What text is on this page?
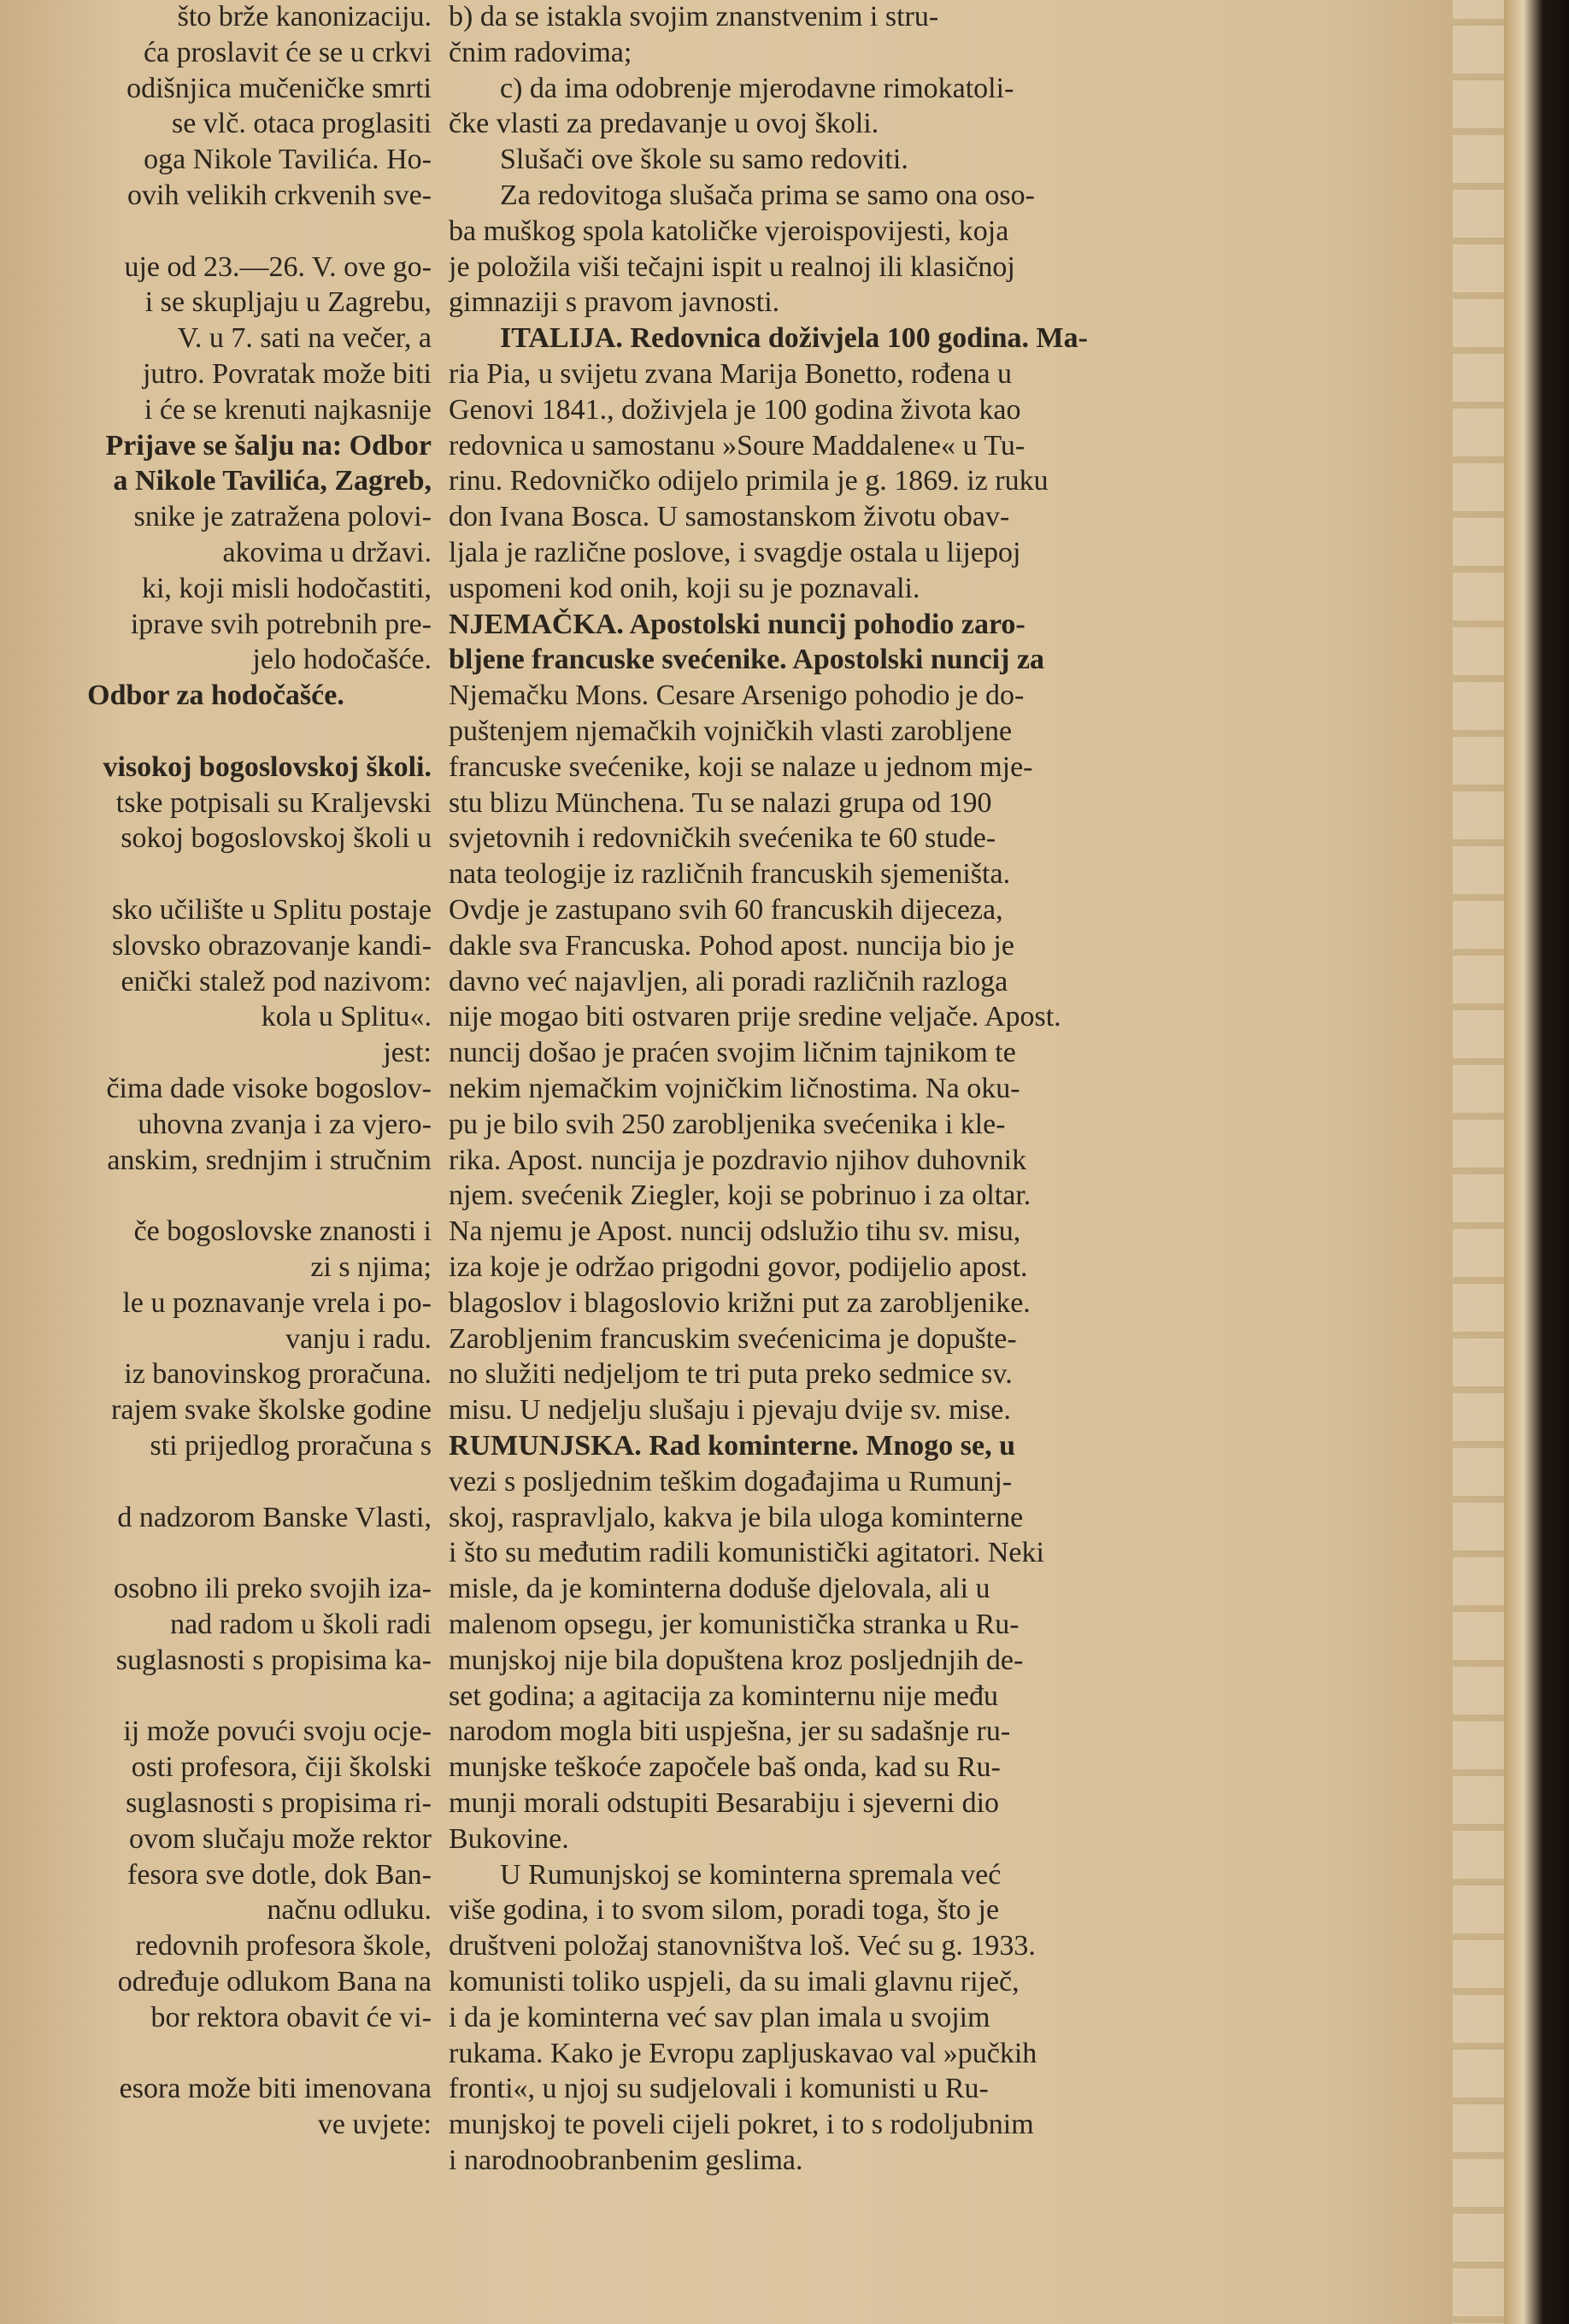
što brže kanonizaciju.
ća proslavit će se u crkvi
odišnjica mučeničke smrti
se vlč. otaca proglasiti
oga Nikole Tavilića. Ho-
ovih velikih crkvenih sve-
uje od 23.—26. V. ove go-
i se skupljaju u Zagrebu,
V. u 7. sati na večer, a
jutro. Povratak može biti
i će se krenuti najkasnije
Prijave se šalju na: Odbor
a Nikole Tavilića, Zagreb,
snike je zatražena polovi-
akovima u državi.
ki, koji misli hodočastiti,
iprave svih potrebnih pre-
jelo hodočašće.
Odbor za hodočašće.
visokoj bogoslovskoj školi.
tske potpisali su Kraljevski
sokoj bogoslovskoj školi u
sko učilište u Splitu postaje
slovsko obrazovanje kandi-
enički stalež pod nazivom:
kola u Splitu«.
jest:
čima dade visoke bogoslov-
uhovna zvanja i za vjero-
anskim, srednjim i stručnim
če bogoslovske znanosti i
zi s njima;
le u poznavanje vrela i po-
vanju i radu.
iz banovinskog proračuna.
rajem svake školske godine
sti prijedlog proračuna s
d nadzorom Banske Vlasti,
osobno ili preko svojih iza-
nad radom u školi radi
suglasnosti s propisima ka-
ij može povući svoju ocje-
osti profesora, čiji školski
suglasnosti s propisima ri-
ovom slučaju može rektor
fesora sve dotle, dok Ban-
načnu odluku.
redovnih profesora škole,
određuje odlukom Bana na
bor rektora obavit će vi-
esora može biti imenovana
ve uvjete:
b) da se istakla svojim znanstvenim i stru-
čnim radovima;
c) da ima odobrenje mjerodavne rimokatoli-
čke vlasti za predavanje u ovoj školi.
Slušači ove škole su samo redoviti.
Za redovitoga slušača prima se samo ona oso-
ba muškog spola katoličke vjeroispovijesti, koja
je položila viši tečajni ispit u realnoj ili klasičnoj
gimnaziji s pravom javnosti.
ITALIJA. Redovnica doživjela 100 godina. Ma-
ria Pia, u svijetu zvana Marija Bonetto, rođena u
Genovi 1841., doživjela je 100 godina života kao
redovnica u samostanu »Soure Maddalene« u Tu-
rinu. Redovničko odijelo primila je g. 1869. iz ruku
don Ivana Bosca. U samostanskom životu obav-
ljala je različne poslove, i svagdje ostala u lijepoj
uspomeni kod onih, koji su je poznavali.
NJEMAČKA. Apostolski nuncij pohodio zaro-
bljene francuske svećenike. Apostolski nuncij za
Njemačku Mons. Cesare Arsenigo pohodio je do-
puštenjem njemačkih vojničkih vlasti zarobljene
francuske svećenike, koji se nalaze u jednom mje-
stu blizu Münchena. Tu se nalazi grupa od 190
svjetovnih i redovničkih svećenika te 60 stude-
nata teologije iz različnih francuskih sjemeništa.
Ovdje je zastupano svih 60 francuskih dijeceza,
dakle sva Francuska. Pohod apost. nuncija bio je
davno već najavljen, ali poradi različnih razloga
nije mogao biti ostvaren prije sredine veljače. Apost.
nuncij došao je praćen svojim ličnim tajnikom te
nekim njemačkim vojničkim ličnostima. Na oku-
pu je bilo svih 250 zarobljenika svećenika i kle-
rika. Apost. nuncija je pozdravio njihov duhovnik
njem. svećenik Ziegler, koji se pobrinuo i za oltar.
Na njemu je Apost. nuncij odslužio tihu sv. misu,
iza koje je održao prigodni govor, podijelio apost.
blagoslov i blagoslovio križni put za zarobljenike.
Zarobljenim francuskim svećenicima je dopušte-
no služiti nedjeljom te tri puta preko sedmice sv.
misu. U nedjelju slušaju i pjevaju dvije sv. mise.
RUMUNJSKA. Rad kominterne. Mnogo se, u
vezi s posljednim teškim događajima u Rumunj-
skoj, raspravljalo, kakva je bila uloga kominterne
i što su međutim radili komunistički agitatori. Neki
misle, da je kominterna doduše djelovala, ali u
malenom opsegu, jer komunistička stranka u Ru-
munjskoj nije bila dopuštena kroz posljednjih de-
set godina; a agitacija za kominternu nije među
narodom mogla biti uspješna, jer su sadašnje ru-
munjske teškoće započele baš onda, kad su Ru-
munji morali odstupiti Besarabiju i sjeverni dio
Bukovine.
U Rumunjskoj se kominterna spremala već
više godina, i to svom silom, poradi toga, što je
društveni položaj stanovništva loš. Već su g. 1933.
komunisti toliko uspjeli, da su imali glavnu riječ,
i da je kominterna već sav plan imala u svojim
rukama. Kako je Evropu zapljuskavao val »pučkih
fronti«, u njoj su sudjelovali i komunisti u Ru-
munjskoj te poveli cijeli pokret, i to s rodoljubnim
i narodnoobranbenim geslima.
